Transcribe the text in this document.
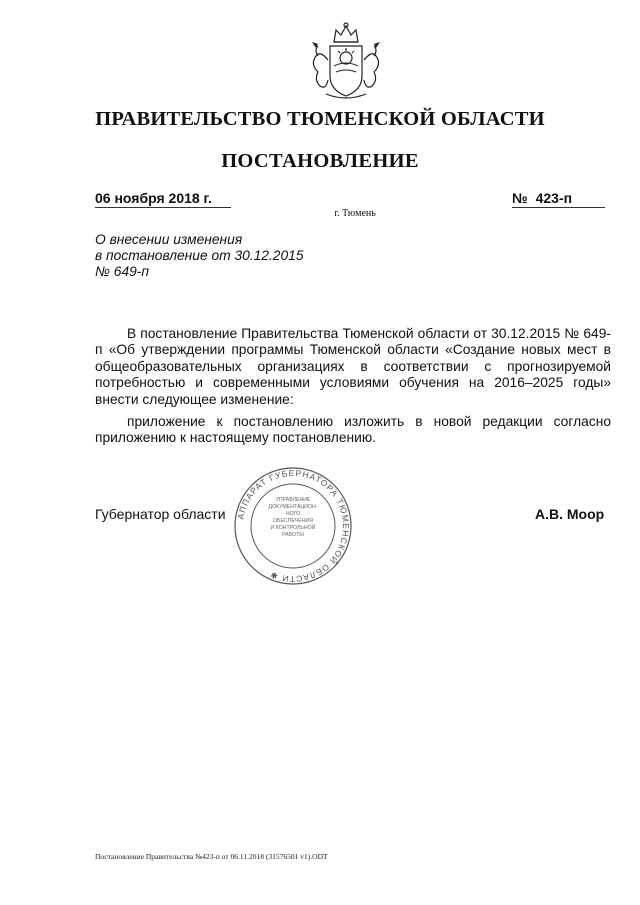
ПРАВИТЕЛЬСТВО ТЮМЕНСКОЙ ОБЛАСТИ
ПОСТАНОВЛЕНИЕ
06 ноября 2018 г.	№ 423-п
г. Тюмень
О внесении изменения
в постановление от 30.12.2015
№ 649-п

В постановление Правительства Тюменской области от 30.12.2015 № 649-п «Об утверждении программы Тюменской области «Создание новых мест в общеобразовательных организациях в соответствии с прогнозируемой потребностью и современными условиями обучения на 2016–2025 годы» внести следующее изменение:

приложение к постановлению изложить в новой редакции согласно приложению к настоящему постановлению.

АППАРАТ ГУБЕРНАТОРА ТЮМЕНСКОЙ ОБЛАСТИ ✱
УПРАВЛЕНИЕ
ДОКУМЕНТАЦИОН-
НОГО
ОБЕСПЕЧЕНИЯ
И КОНТРОЛЬНОЙ
РАБОТЫ
Губернатор области	А.В. Моор
Постановление Правительства №423-п от 06.11.2018 (31576501 v1).ODT
